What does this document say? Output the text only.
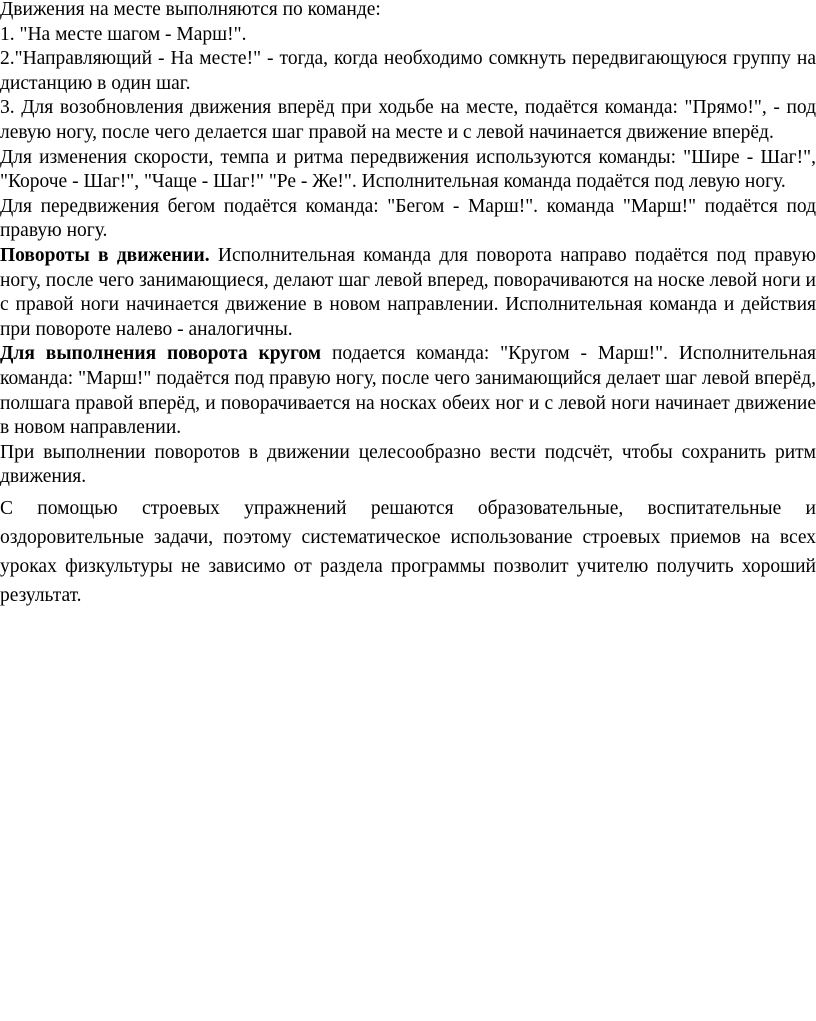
Движения на месте выполняются по команде:

1. "На месте шагом - Марш!".

2."Направляющий - На месте!" - тогда, когда необходимо сомкнуть передвигающуюся группу на дистанцию в один шаг.

3. Для возобновления движения вперёд при ходьбе на месте, подаётся команда: "Прямо!", - под левую ногу, после чего делается шаг правой на месте и с левой начинается движение вперёд.

Для изменения скорости, темпа и ритма передвижения используются команды: "Шире - Шаг!", "Короче - Шаг!", "Чаще - Шаг!" "Ре - Же!". Исполнительная команда подаётся под левую ногу.

Для передвижения бегом подаётся команда: "Бегом - Марш!". команда "Марш!" подаётся под правую ногу.

Повороты в движении. Исполнительная команда для поворота направо подаётся под правую ногу, после чего занимающиеся, делают шаг левой вперед, поворачиваются на носке левой ноги и с правой ноги начинается движение в новом направлении. Исполнительная команда и действия при повороте налево - аналогичны.

Для выполнения поворота кругом подается команда: "Кругом - Марш!". Исполнительная команда: "Марш!" подаётся под правую ногу, после чего занимающийся делает шаг левой вперёд, полшага правой вперёд, и поворачивается на носках обеих ног и с левой ноги начинает движение в новом направлении.

При выполнении поворотов в движении целесообразно вести подсчёт, чтобы сохранить ритм движения.

С помощью строевых упражнений решаются образовательные, воспитательные и оздоровительные задачи, поэтому систематическое использование строевых приемов на всех уроках физкультуры не зависимо от раздела программы позволит учителю получить хороший результат.
